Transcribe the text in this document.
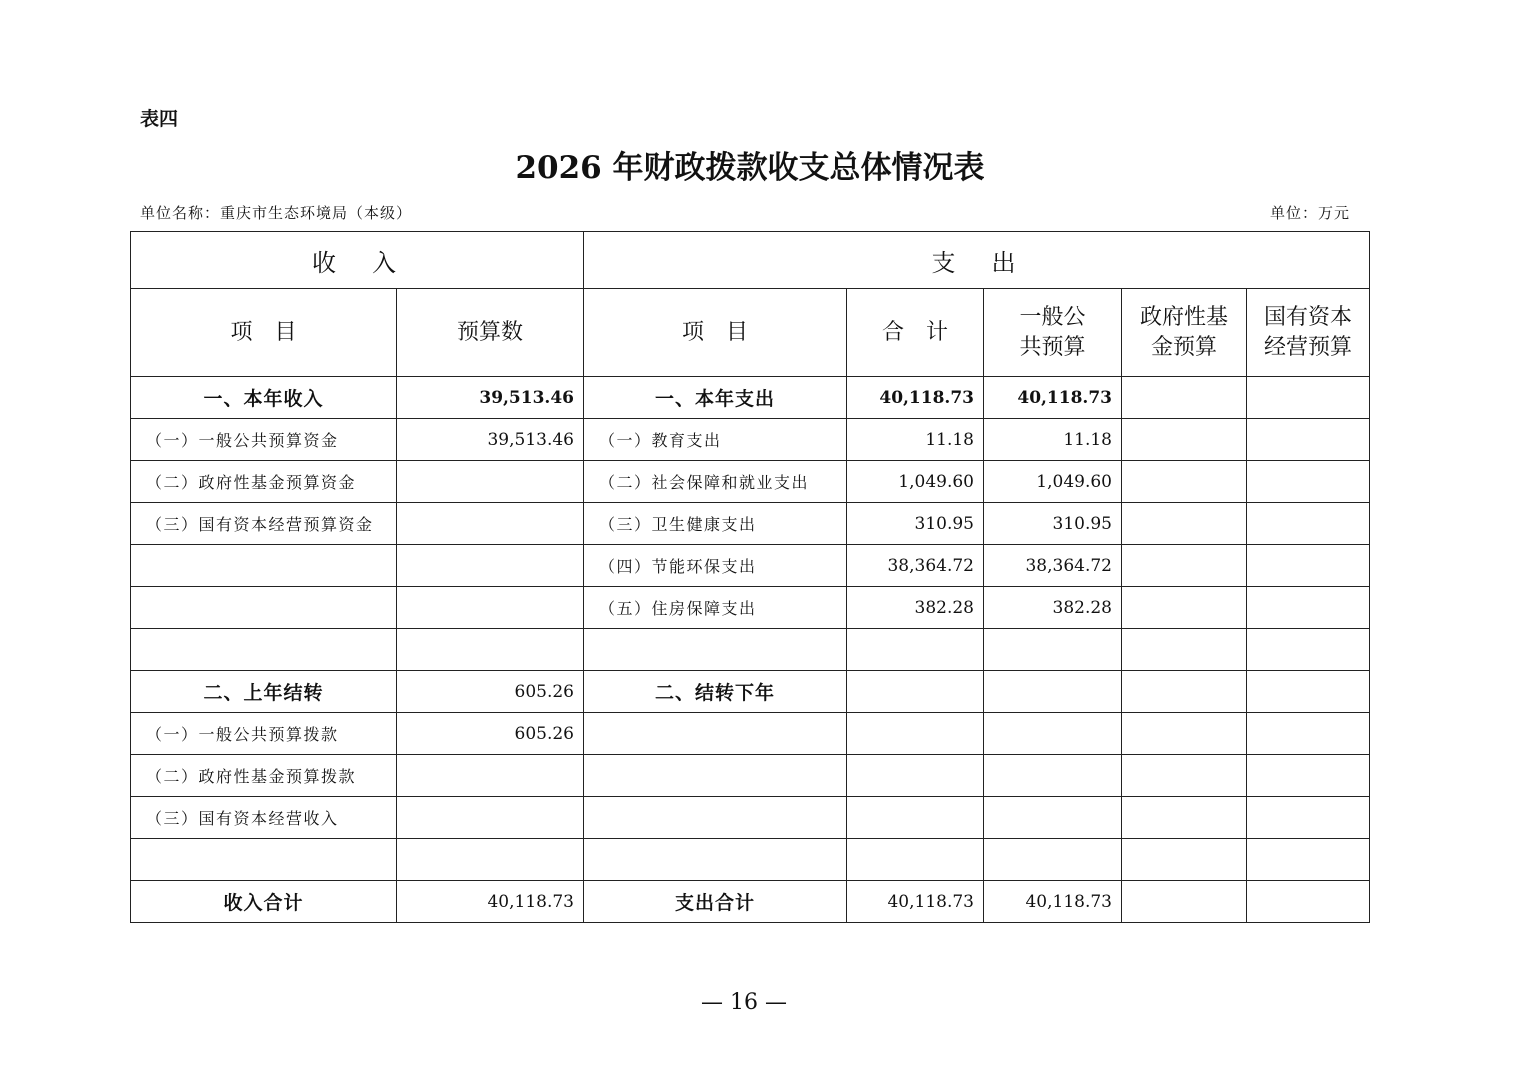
表四
2026 年财政拨款收支总体情况表
单位名称：重庆市生态环境局（本级）	单位：万元
收　入		支　出				
项　目	预算数	项　目	合　计	一般公共预算	政府性基金预算	国有资本经营预算
一、本年收入	39,513.46	一、本年支出	40,118.73	40,118.73		
（一）一般公共预算资金	39,513.46	（一）教育支出	11.18	11.18		
（二）政府性基金预算资金		（二）社会保障和就业支出	1,049.60	1,049.60		
（三）国有资本经营预算资金		（三）卫生健康支出	310.95	310.95		
		（四）节能环保支出	38,364.72	38,364.72		
		（五）住房保障支出	382.28	382.28		

二、上年结转	605.26	二、结转下年				
（一）一般公共预算拨款	605.26					
（二）政府性基金预算拨款						
（三）国有资本经营收入						

收入合计	40,118.73	支出合计	40,118.73	40,118.73		
— 16 —
